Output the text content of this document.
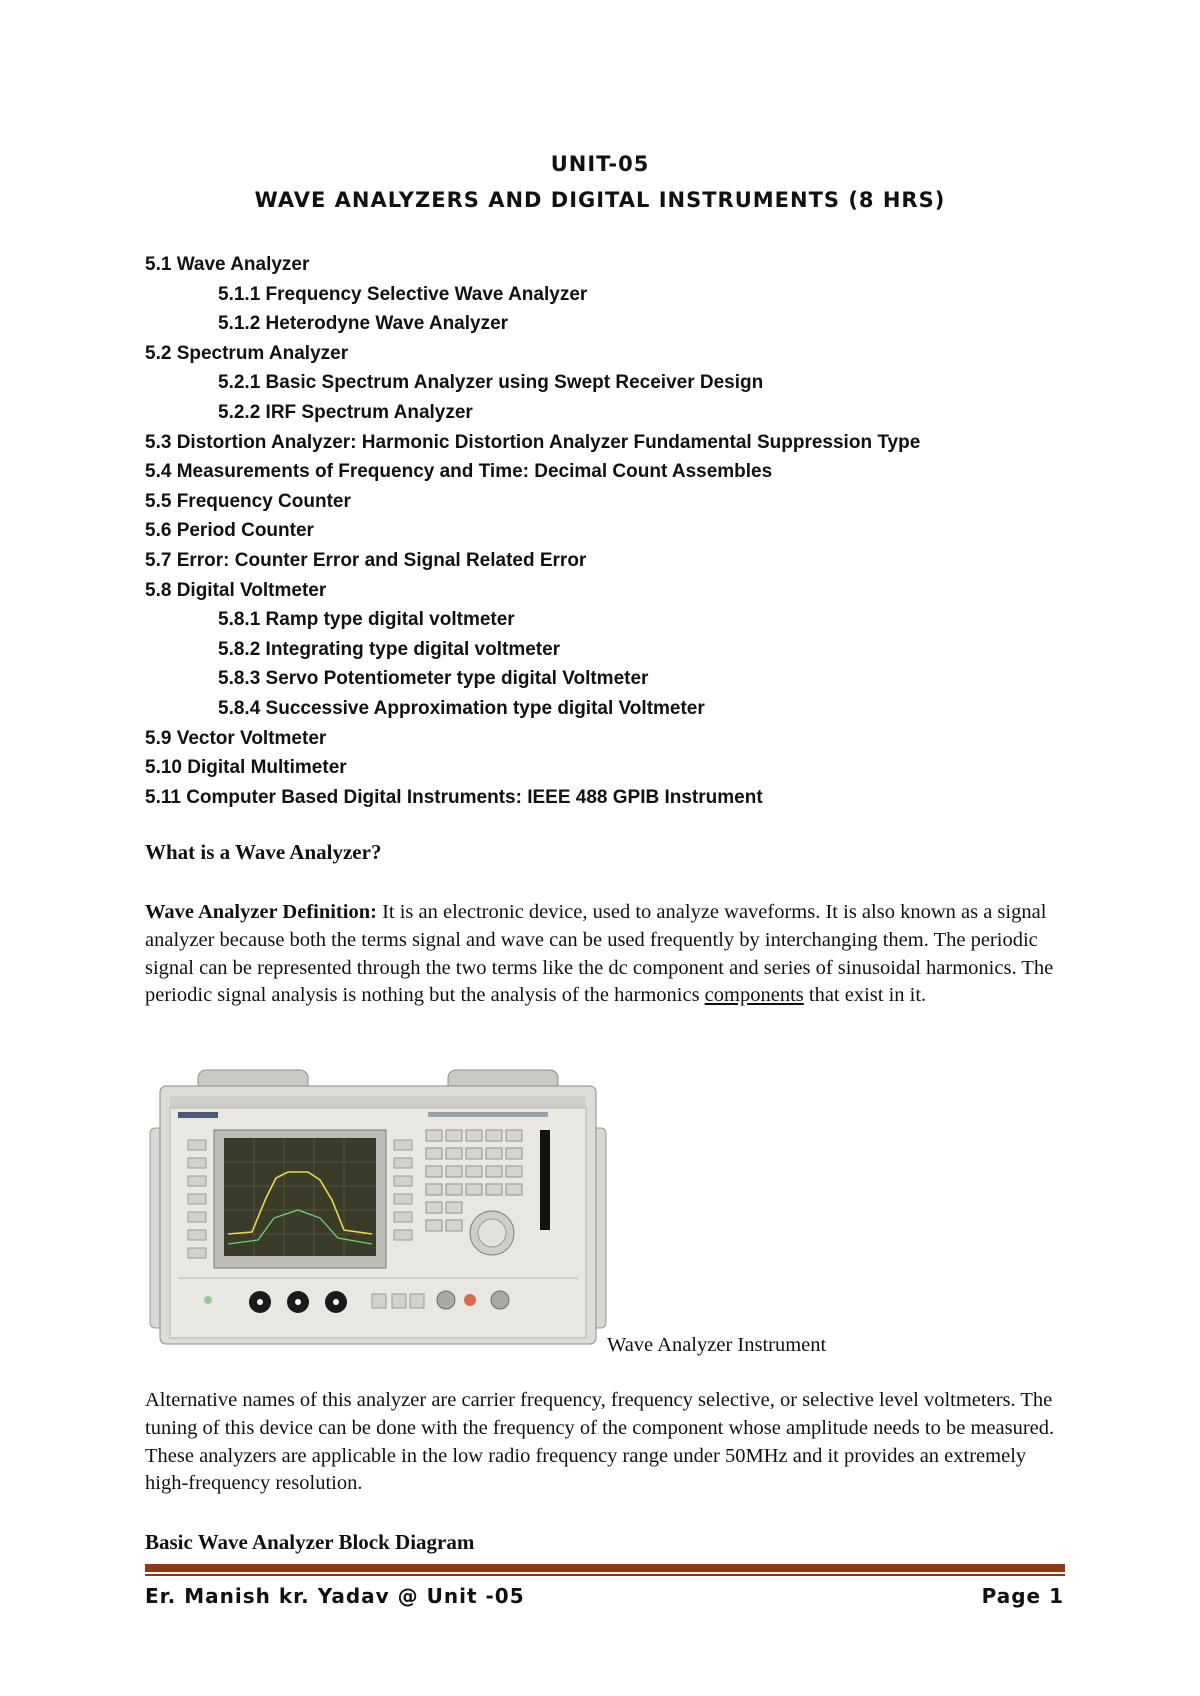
UNIT-05
WAVE ANALYZERS AND DIGITAL INSTRUMENTS (8 HRS)
5.1 Wave Analyzer
5.1.1 Frequency Selective Wave Analyzer
5.1.2 Heterodyne Wave Analyzer
5.2 Spectrum Analyzer
5.2.1 Basic Spectrum Analyzer using Swept Receiver Design
5.2.2 IRF Spectrum Analyzer
5.3 Distortion Analyzer: Harmonic Distortion Analyzer Fundamental Suppression Type
5.4 Measurements of Frequency and Time: Decimal Count Assembles
5.5 Frequency Counter
5.6 Period Counter
5.7 Error: Counter Error and Signal Related Error
5.8 Digital Voltmeter
5.8.1 Ramp type digital voltmeter
5.8.2 Integrating type digital voltmeter
5.8.3 Servo Potentiometer type digital Voltmeter
5.8.4 Successive Approximation type digital Voltmeter
5.9 Vector Voltmeter
5.10 Digital Multimeter
5.11 Computer Based Digital Instruments: IEEE 488 GPIB Instrument
What is a Wave Analyzer?
Wave Analyzer Definition: It is an electronic device, used to analyze waveforms. It is also known as a signal analyzer because both the terms signal and wave can be used frequently by interchanging them. The periodic signal can be represented through the two terms like the dc component and series of sinusoidal harmonics. The periodic signal analysis is nothing but the analysis of the harmonics components that exist in it.
Wave Analyzer Instrument
Alternative names of this analyzer are carrier frequency, frequency selective, or selective level voltmeters. The tuning of this device can be done with the frequency of the component whose amplitude needs to be measured. These analyzers are applicable in the low radio frequency range under 50MHz and it provides an extremely high-frequency resolution.
Basic Wave Analyzer Block Diagram
Er. Manish kr. Yadav @ Unit -05	Page 1
